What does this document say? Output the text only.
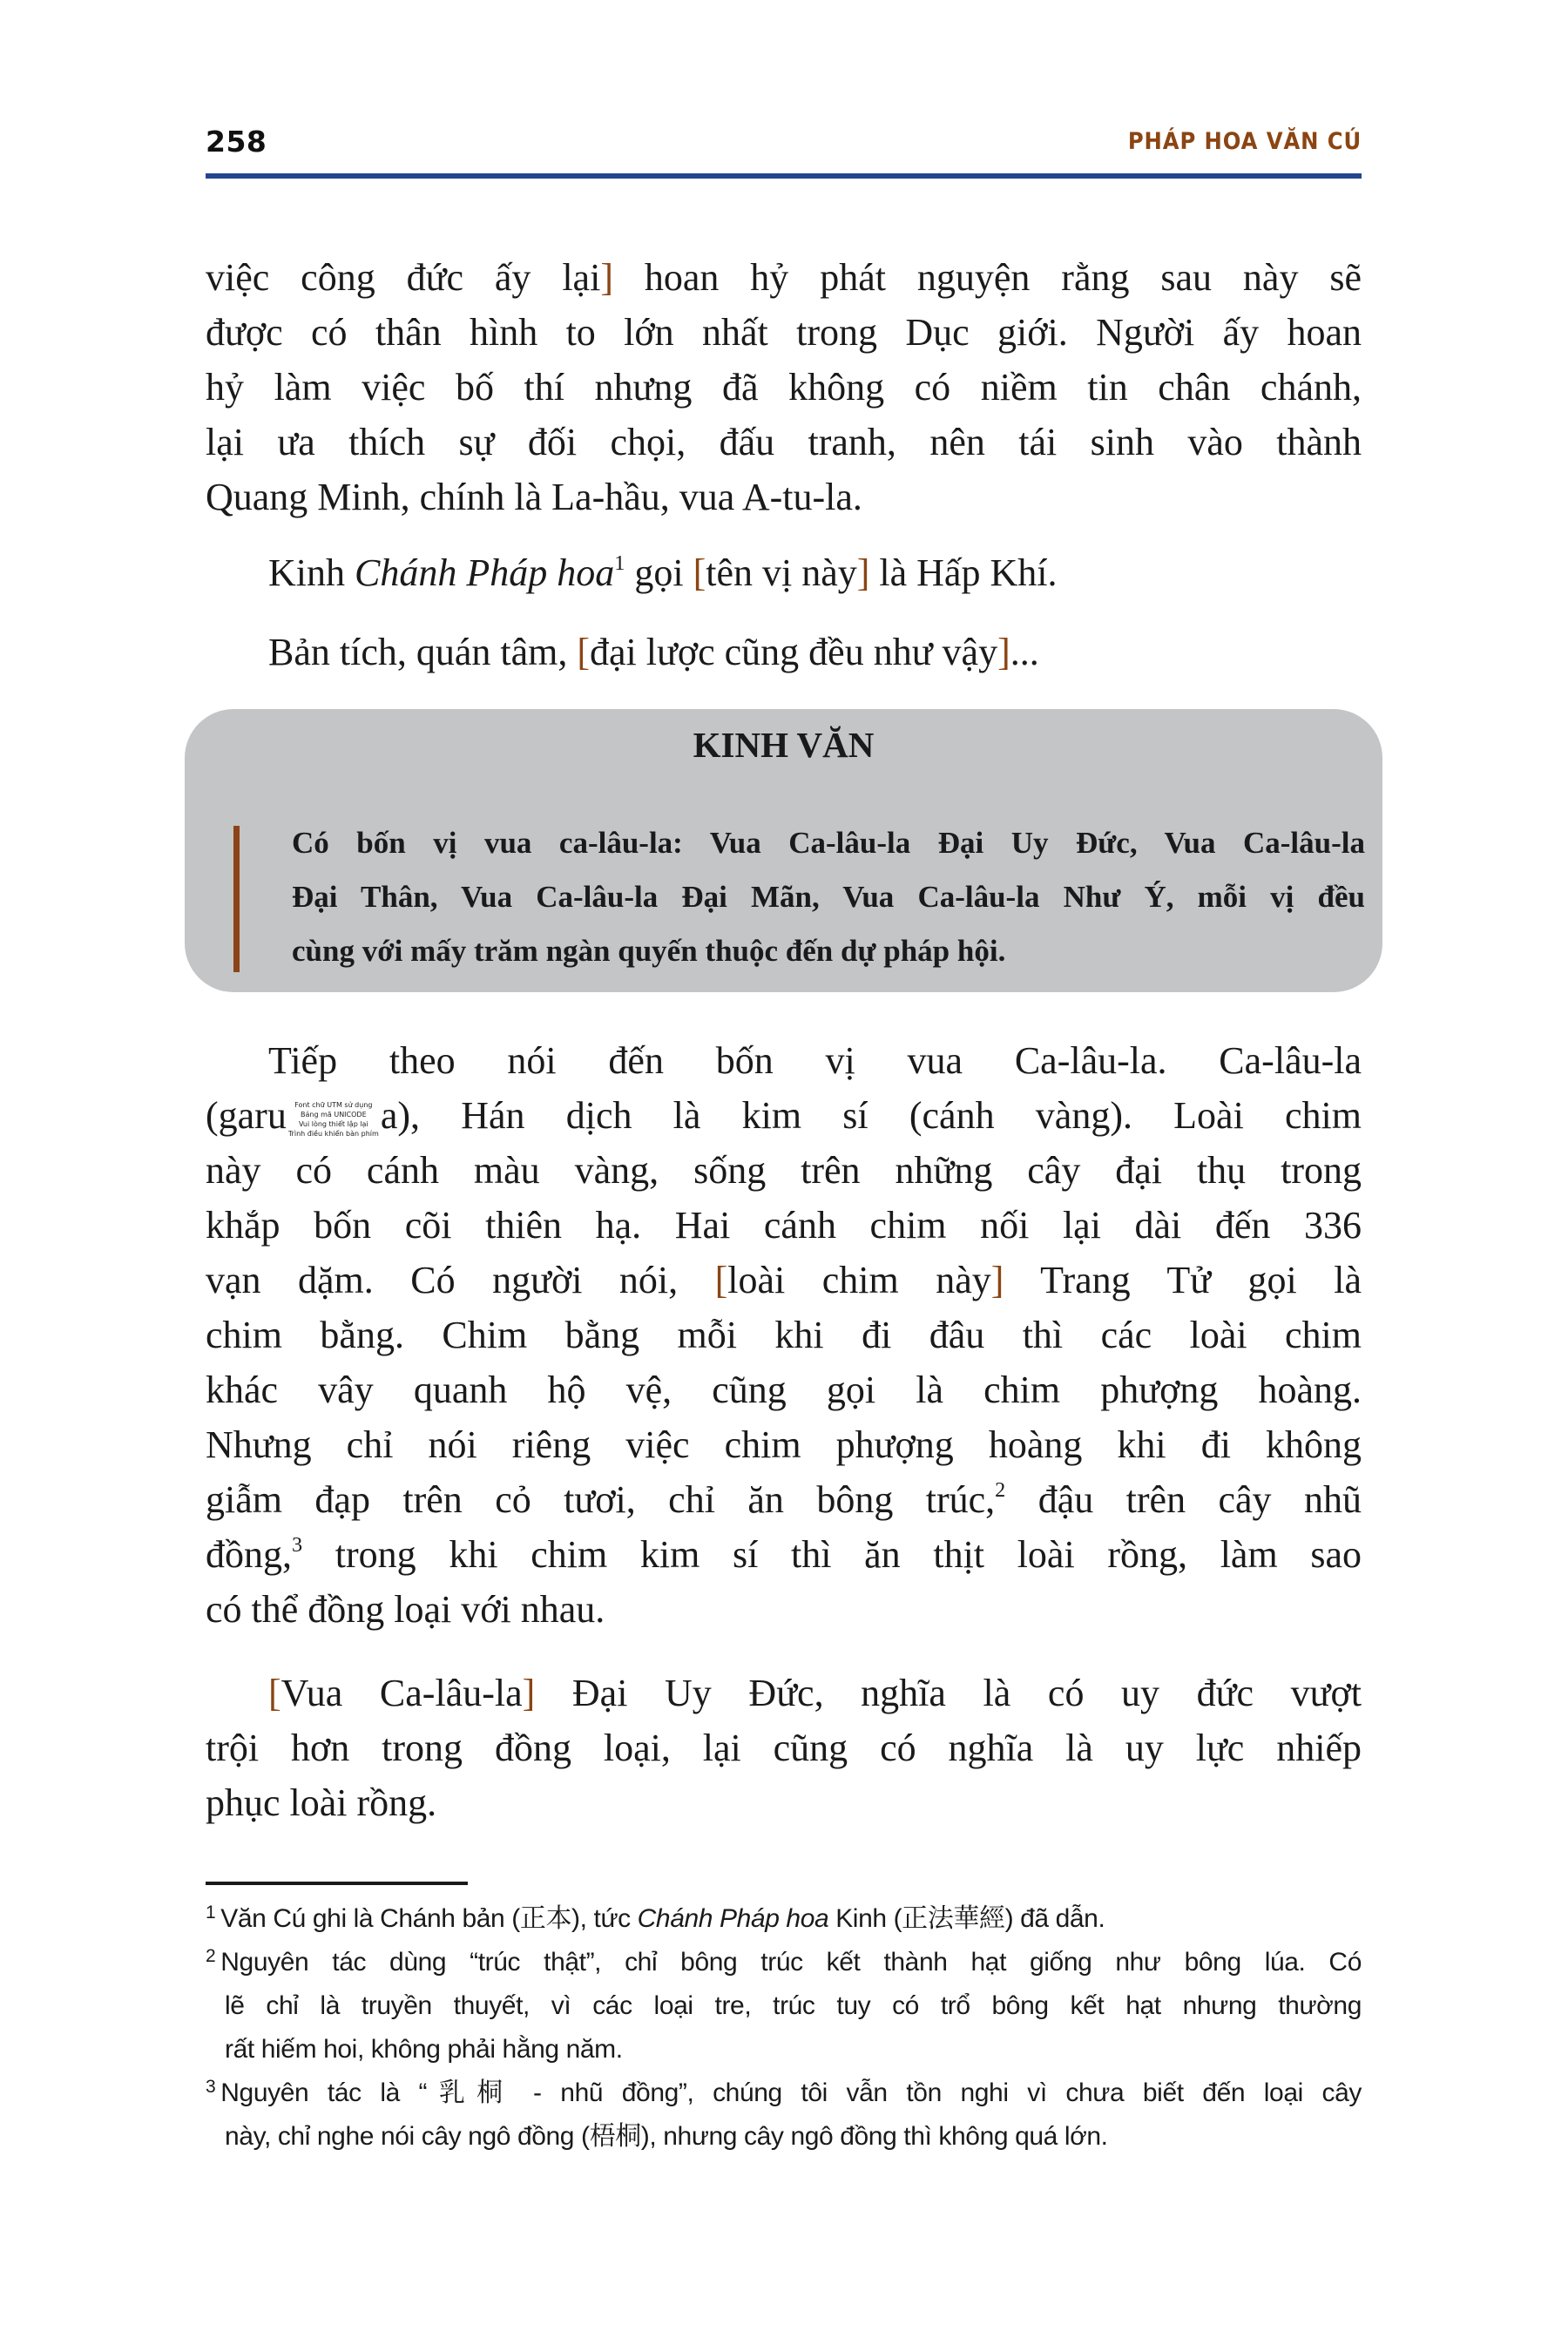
258	PHÁP HOA VĂN CÚ
việc công đức ấy lại] hoan hỷ phát nguyện rằng sau này sẽ
được có thân hình to lớn nhất trong Dục giới. Người ấy hoan
hỷ làm việc bố thí nhưng đã không có niềm tin chân chánh,
lại ưa thích sự đối chọi, đấu tranh, nên tái sinh vào thành
Quang Minh, chính là La-hầu, vua A-tu-la.
Kinh Chánh Pháp hoa$^1$ gọi [tên vị này] là Hấp Khí.
Bản tích, quán tâm, [đại lược cũng đều như vậy]...
KINH VĂN
Có bốn vị vua ca-lâu-la: Vua Ca-lâu-la Đại Uy Đức, Vua Ca-lâu-la
Đại Thân, Vua Ca-lâu-la Đại Mãn, Vua Ca-lâu-la Như Ý, mỗi vị đều
cùng với mấy trăm ngàn quyến thuộc đến dự pháp hội.
Tiếp theo nói đến bốn vị vua Ca-lâu-la. Ca-lâu-la
(garu	Font chữ UTM sử dụng
Bảng mã UNICODE
Vui lòng thiết lập lại
Trình điều khiển bàn phím a), Hán dịch là kim sí (cánh vàng). Loài chim
này có cánh màu vàng, sống trên những cây đại thụ trong
khắp bốn cõi thiên hạ. Hai cánh chim nối lại dài đến 336
vạn dặm. Có người nói, [loài chim này] Trang Tử gọi là
chim bằng. Chim bằng mỗi khi đi đâu thì các loài chim
khác vây quanh hộ vệ, cũng gọi là chim phượng hoàng.
Nhưng chỉ nói riêng việc chim phượng hoàng khi đi không
giẫm đạp trên cỏ tươi, chỉ ăn bông trúc,$^2$ đậu trên cây nhũ
đồng,$^3$ trong khi chim kim sí thì ăn thịt loài rồng, làm sao
có thể đồng loại với nhau.
[Vua Ca-lâu-la] Đại Uy Đức, nghĩa là có uy đức vượt
trội hơn trong đồng loại, lại cũng có nghĩa là uy lực nhiếp
phục loài rồng.
$^1$ Văn Cú ghi là Chánh bản (正本), tức Chánh Pháp hoa Kinh (正法華經) đã dẫn.
$^2$ Nguyên tác dùng “trúc thật”, chỉ bông trúc kết thành hạt giống như bông lúa. Có
lẽ chỉ là truyền thuyết, vì các loại tre, trúc tuy có trổ bông kết hạt nhưng thường
rất hiếm hoi, không phải hằng năm.
$^3$ Nguyên tác là “乳桐 - nhũ đồng”, chúng tôi vẫn tồn nghi vì chưa biết đến loại cây
này, chỉ nghe nói cây ngô đồng (梧桐), nhưng cây ngô đồng thì không quá lớn.
